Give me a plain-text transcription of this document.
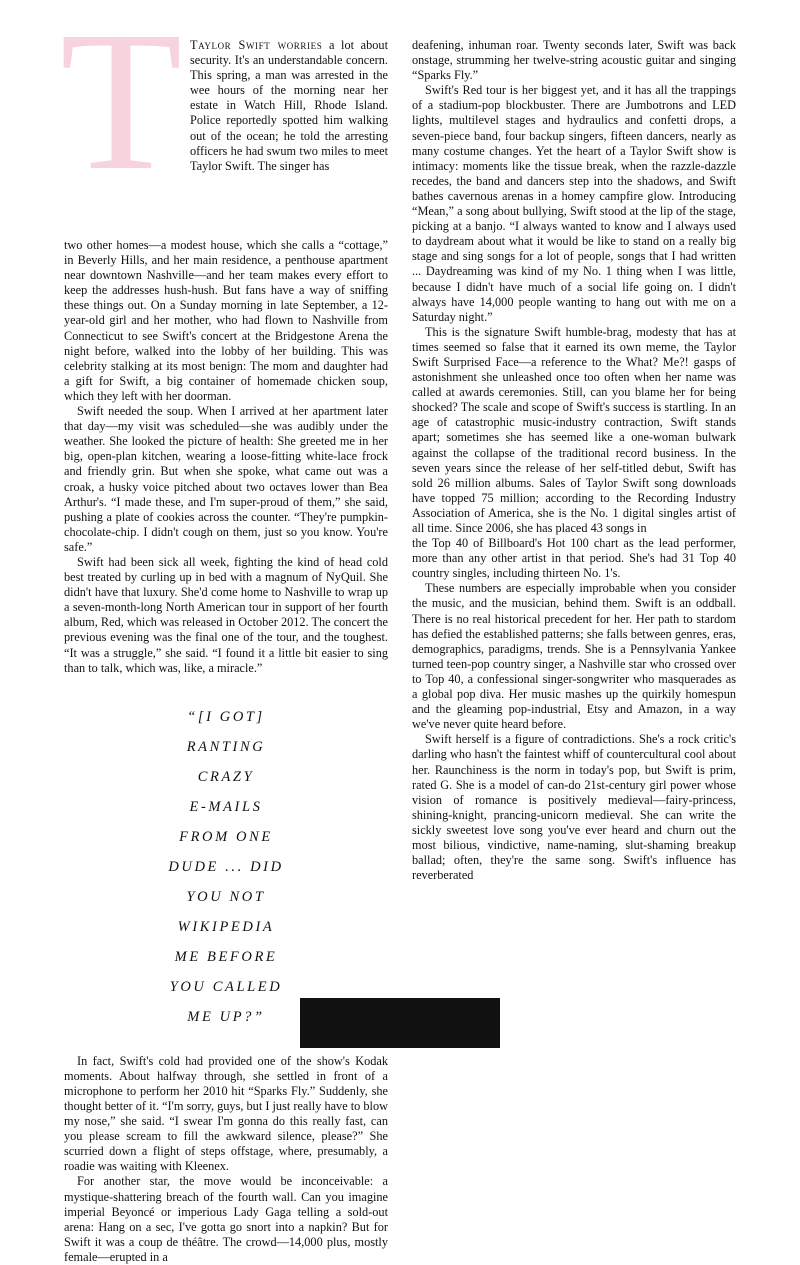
T Taylor Swift worries a lot about security. It's an understandable concern. This spring, a man was arrested in the wee hours of the morning near her estate in Watch Hill, Rhode Island. Police reportedly spotted him walking out of the ocean; he told the arresting officers he had swum two miles to meet Taylor Swift. The singer has

two other homes—a modest house, which she calls a “cottage,” in Beverly Hills, and her main residence, a penthouse apartment near downtown Nashville—and her team makes every effort to keep the addresses hush-hush. But fans have a way of sniffing these things out. On a Sunday morning in late September, a 12-year-old girl and her mother, who had flown to Nashville from Connecticut to see Swift's concert at the Bridgestone Arena the night before, walked into the lobby of her building. This was celebrity stalking at its most benign: The mom and daughter had a gift for Swift, a big container of homemade chicken soup, which they left with her doorman.

Swift needed the soup. When I arrived at her apartment later that day—my visit was scheduled—she was audibly under the weather. She looked the picture of health: She greeted me in her big, open-plan kitchen, wearing a loose-fitting white-lace frock and friendly grin. But when she spoke, what came out was a croak, a husky voice pitched about two octaves lower than Bea Arthur's. “I made these, and I'm super-proud of them,” she said, pushing a plate of cookies across the counter. “They're pumpkin-chocolate-chip. I didn't cough on them, just so you know. You're safe.”

Swift had been sick all week, fighting the kind of head cold best treated by curling up in bed with a magnum of NyQuil. She didn't have that luxury. She'd come home to Nashville to wrap up a seven-month-long North American tour in support of her fourth album, Red, which was released in October 2012. The concert the previous evening was the final one of the tour, and the toughest. “It was a struggle,” she said. “I found it a little bit easier to sing than to talk, which was, like, a miracle.”

“[I GOT]
RANTING
CRAZY
E-MAILS
FROM ONE
DUDE ... DID
YOU NOT
WIKIPEDIA
ME BEFORE
YOU CALLED
ME UP?”

In fact, Swift's cold had provided one of the show's Kodak moments. About halfway through, she settled in front of a microphone to perform her 2010 hit “Sparks Fly.” Suddenly, she thought better of it. “I'm sorry, guys, but I just really have to blow my nose,” she said. “I swear I'm gonna do this really fast, can you please scream to fill the awkward silence, please?” She scurried down a flight of steps offstage, where, presumably, a roadie was waiting with Kleenex.

For another star, the move would be inconceivable: a mystique-shattering breach of the fourth wall. Can you imagine imperial Beyoncé or imperious Lady Gaga telling a sold-out arena: Hang on a sec, I've gotta go snort into a napkin? But for Swift it was a coup de théâtre. The crowd—14,000 plus, mostly female—erupted in a

deafening, inhuman roar. Twenty seconds later, Swift was back onstage, strumming her twelve-string acoustic guitar and singing “Sparks Fly.”

Swift's Red tour is her biggest yet, and it has all the trappings of a stadium-pop blockbuster. There are Jumbotrons and LED lights, multilevel stages and hydraulics and confetti drops, a seven-piece band, four backup singers, fifteen dancers, nearly as many costume changes. Yet the heart of a Taylor Swift show is intimacy: moments like the tissue break, when the razzle-dazzle recedes, the band and dancers step into the shadows, and Swift bathes cavernous arenas in a homey campfire glow. Introducing “Mean,” a song about bullying, Swift stood at the lip of the stage, picking at a banjo. “I always wanted to know and I always used to daydream about what it would be like to stand on a really big stage and sing songs for a lot of people, songs that I had written ... Daydreaming was kind of my No. 1 thing when I was little, because I didn't have much of a social life going on. I didn't always have 14,000 people wanting to hang out with me on a Saturday night.”

This is the signature Swift humble-brag, modesty that has at times seemed so false that it earned its own meme, the Taylor Swift Surprised Face—a reference to the What? Me?! gasps of astonishment she unleashed once too often when her name was called at awards ceremonies. Still, can you blame her for being shocked? The scale and scope of Swift's success is startling. In an age of catastrophic music-industry contraction, Swift stands apart; sometimes she has seemed like a one-woman bulwark against the collapse of the traditional record business. In the seven years since the release of her self-titled debut, Swift has sold 26 million albums. Sales of Taylor Swift song downloads have topped 75 million; according to the Recording Industry Association of America, she is the No. 1 digital singles artist of all time. Since 2006, she has placed 43 songs in

the Top 40 of Billboard's Hot 100 chart as the lead performer, more than any other artist in that period. She's had 31 Top 40 country singles, including thirteen No. 1's.

These numbers are especially improbable when you consider the music, and the musician, behind them. Swift is an oddball. There is no real historical precedent for her. Her path to stardom has defied the established patterns; she falls between genres, eras, demographics, paradigms, trends. She is a Pennsylvania Yankee turned teen-pop country singer, a Nashville star who crossed over to Top 40, a confessional singer-songwriter who masquerades as a global pop diva. Her music mashes up the quirkily homespun and the gleaming pop-industrial, Etsy and Amazon, in a way we've never quite heard before.

Swift herself is a figure of contradictions. She's a rock critic's darling who hasn't the faintest whiff of countercultural cool about her. Raunchiness is the norm in today's pop, but Swift is prim, rated G. She is a model of can-do 21st-century girl power whose vision of romance is positively medieval—fairy-princess, shining-knight, prancing-unicorn medieval. She can write the sickly sweetest love song you've ever heard and churn out the most bilious, vindictive, name-naming, slut-shaming breakup ballad; often, they're the same song. Swift's influence has reverberated
